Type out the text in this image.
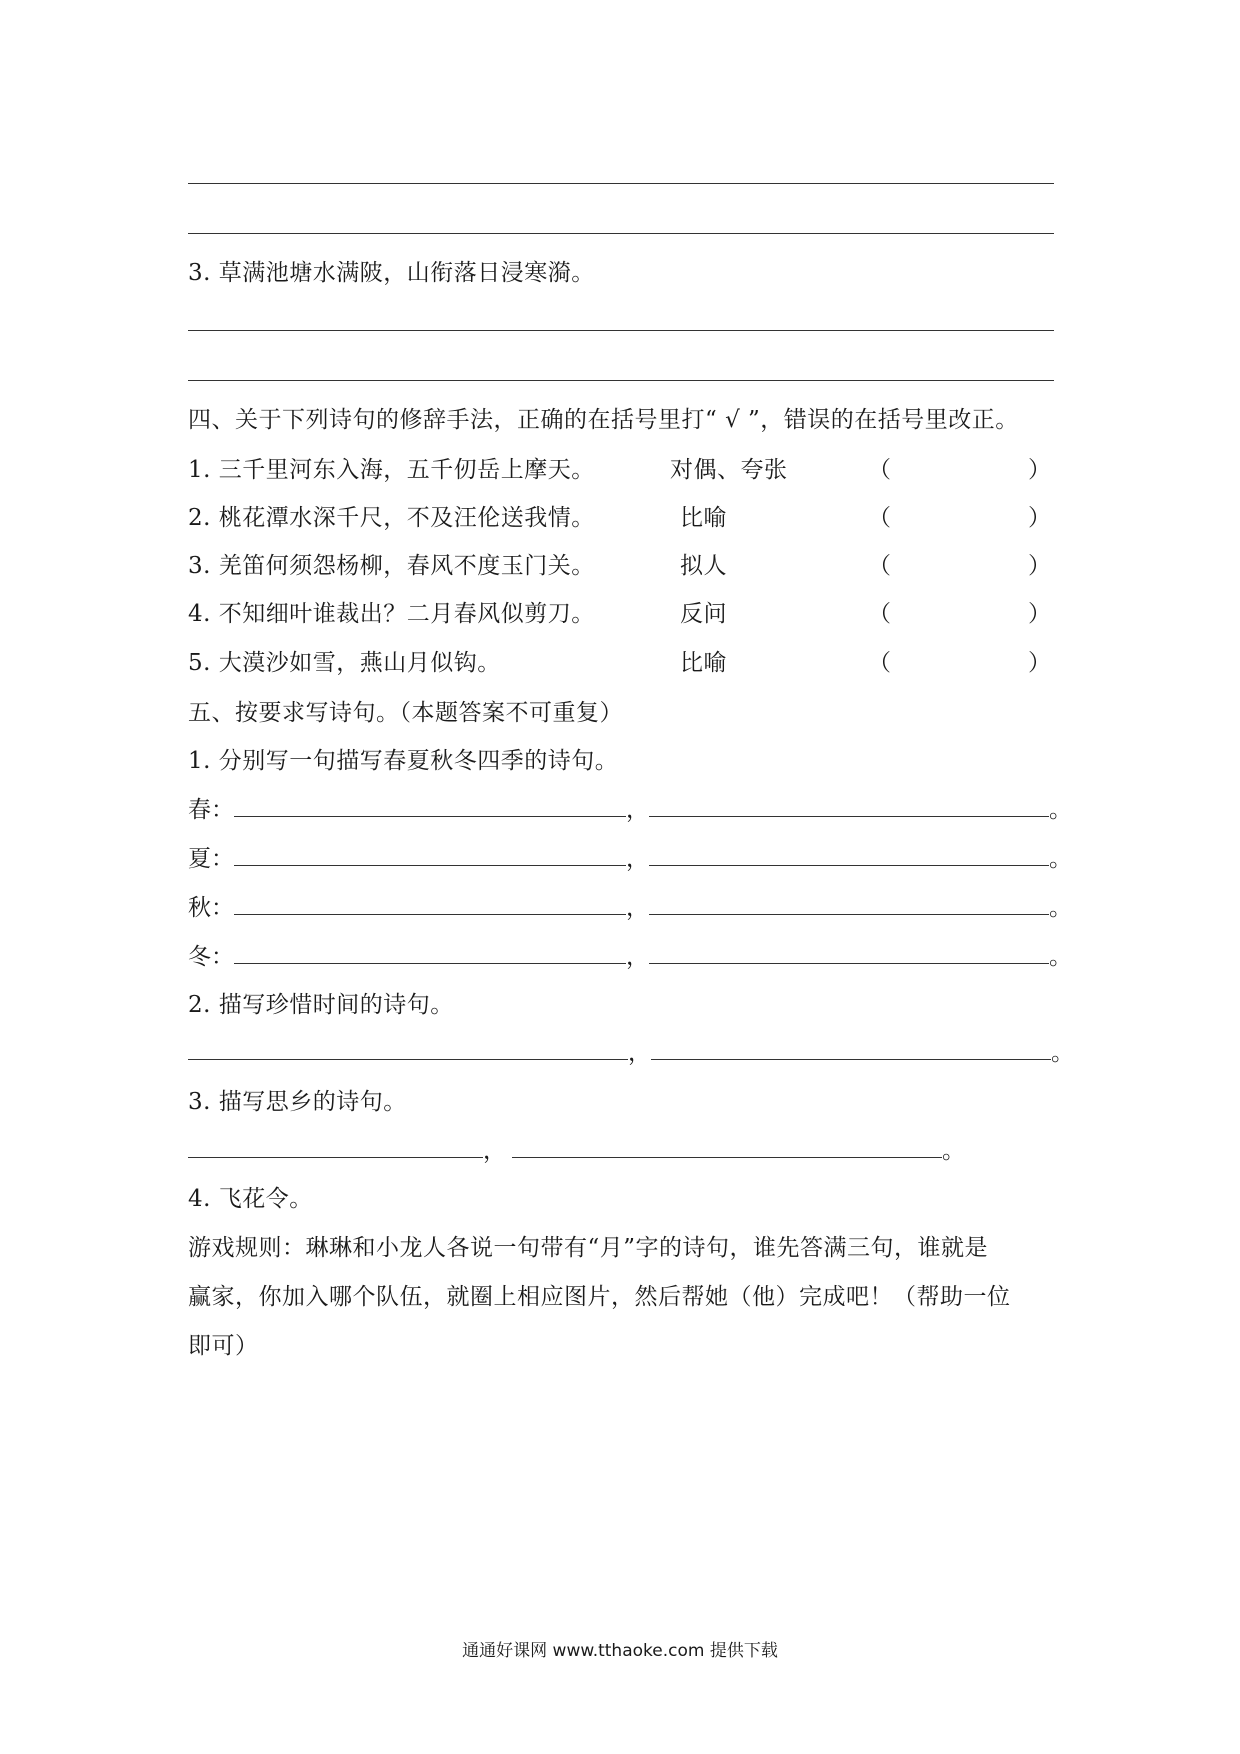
3. 草满池塘水满陂，山衔落日浸寒漪。
四、关于下列诗句的修辞手法，正确的在括号里打“ √ ”，错误的在括号里改正。
1. 三千里河东入海，五千仞岳上摩天。	对偶、夸张	（	）
2. 桃花潭水深千尺，不及汪伦送我情。	比喻	（	）
3. 羌笛何须怨杨柳，春风不度玉门关。	拟人	（	）
4. 不知细叶谁裁出？二月春风似剪刀。	反问	（	）
5. 大漠沙如雪，燕山月似钩。	比喻	（	）
五、按要求写诗句。（本题答案不可重复）
1. 分别写一句描写春夏秋冬四季的诗句。
春：	，	。
夏：	，	。
秋：	，	。
冬：	，	。
2. 描写珍惜时间的诗句。
，	。
3. 描写思乡的诗句。
，	。
4. 飞花令。
游戏规则：琳琳和小龙人各说一句带有“月”字的诗句，谁先答满三句，谁就是
赢家，你加入哪个队伍，就圈上相应图片，然后帮她（他）完成吧！（帮助一位
即可）
通通好课网 www.tthaoke.com 提供下载
